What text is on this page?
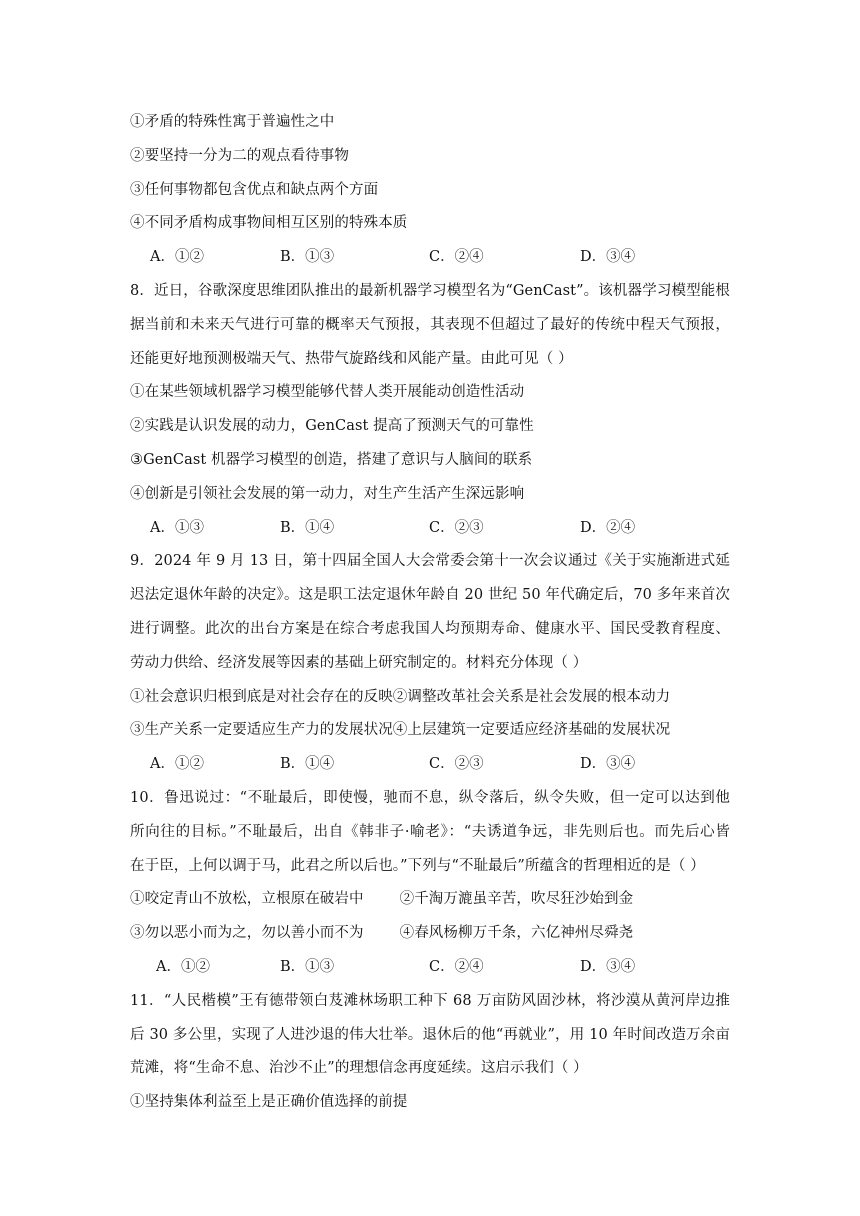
①矛盾的特殊性寓于普遍性之中
②要坚持一分为二的观点看待事物
③任何事物都包含优点和缺点两个方面
④不同矛盾构成事物间相互区别的特殊本质
A．①②	B．①③	C．②④	D．③④
8．近日，谷歌深度思维团队推出的最新机器学习模型名为“GenCast”。该机器学习模型能根
据当前和未来天气进行可靠的概率天气预报，其表现不但超过了最好的传统中程天气预报，
还能更好地预测极端天气、热带气旋路线和风能产量。由此可见（ ）
①在某些领域机器学习模型能够代替人类开展能动创造性活动
②实践是认识发展的动力，GenCast 提高了预测天气的可靠性
③GenCast 机器学习模型的创造，搭建了意识与人脑间的联系
④创新是引领社会发展的第一动力，对生产生活产生深远影响
A．①③	B．①④	C．②③	D．②④
9．2024 年 9 月 13 日，第十四届全国人大会常委会第十一次会议通过《关于实施渐进式延
迟法定退休年龄的决定》。这是职工法定退休年龄自 20 世纪 50 年代确定后，70 多年来首次
进行调整。此次的出台方案是在综合考虑我国人均预期寿命、健康水平、国民受教育程度、
劳动力供给、经济发展等因素的基础上研究制定的。材料充分体现（ ）
①社会意识归根到底是对社会存在的反映②调整改革社会关系是社会发展的根本动力
③生产关系一定要适应生产力的发展状况④上层建筑一定要适应经济基础的发展状况
A．①②	B．①④	C．②③	D．③④
10．鲁迅说过：“不耻最后，即使慢，驰而不息，纵令落后，纵令失败，但一定可以达到他
所向往的目标。”不耻最后，出自《韩非子·喻老》：“夫诱道争远，非先则后也。而先后心皆
在于臣，上何以调于马，此君之所以后也。”下列与“不耻最后”所蕴含的哲理相近的是（ ）
①咬定青山不放松，立根原在破岩中 ②千淘万漉虽辛苦，吹尽狂沙始到金
③勿以恶小而为之，勿以善小而不为 ④春风杨柳万千条，六亿神州尽舜尧
A．①②	B．①③	C．②④	D．③④
11．“人民楷模”王有德带领白芨滩林场职工种下 68 万亩防风固沙林，将沙漠从黄河岸边推
后 30 多公里，实现了人进沙退的伟大壮举。退休后的他“再就业”，用 10 年时间改造万余亩
荒滩，将“生命不息、治沙不止”的理想信念再度延续。这启示我们（ ）
①坚持集体利益至上是正确价值选择的前提
